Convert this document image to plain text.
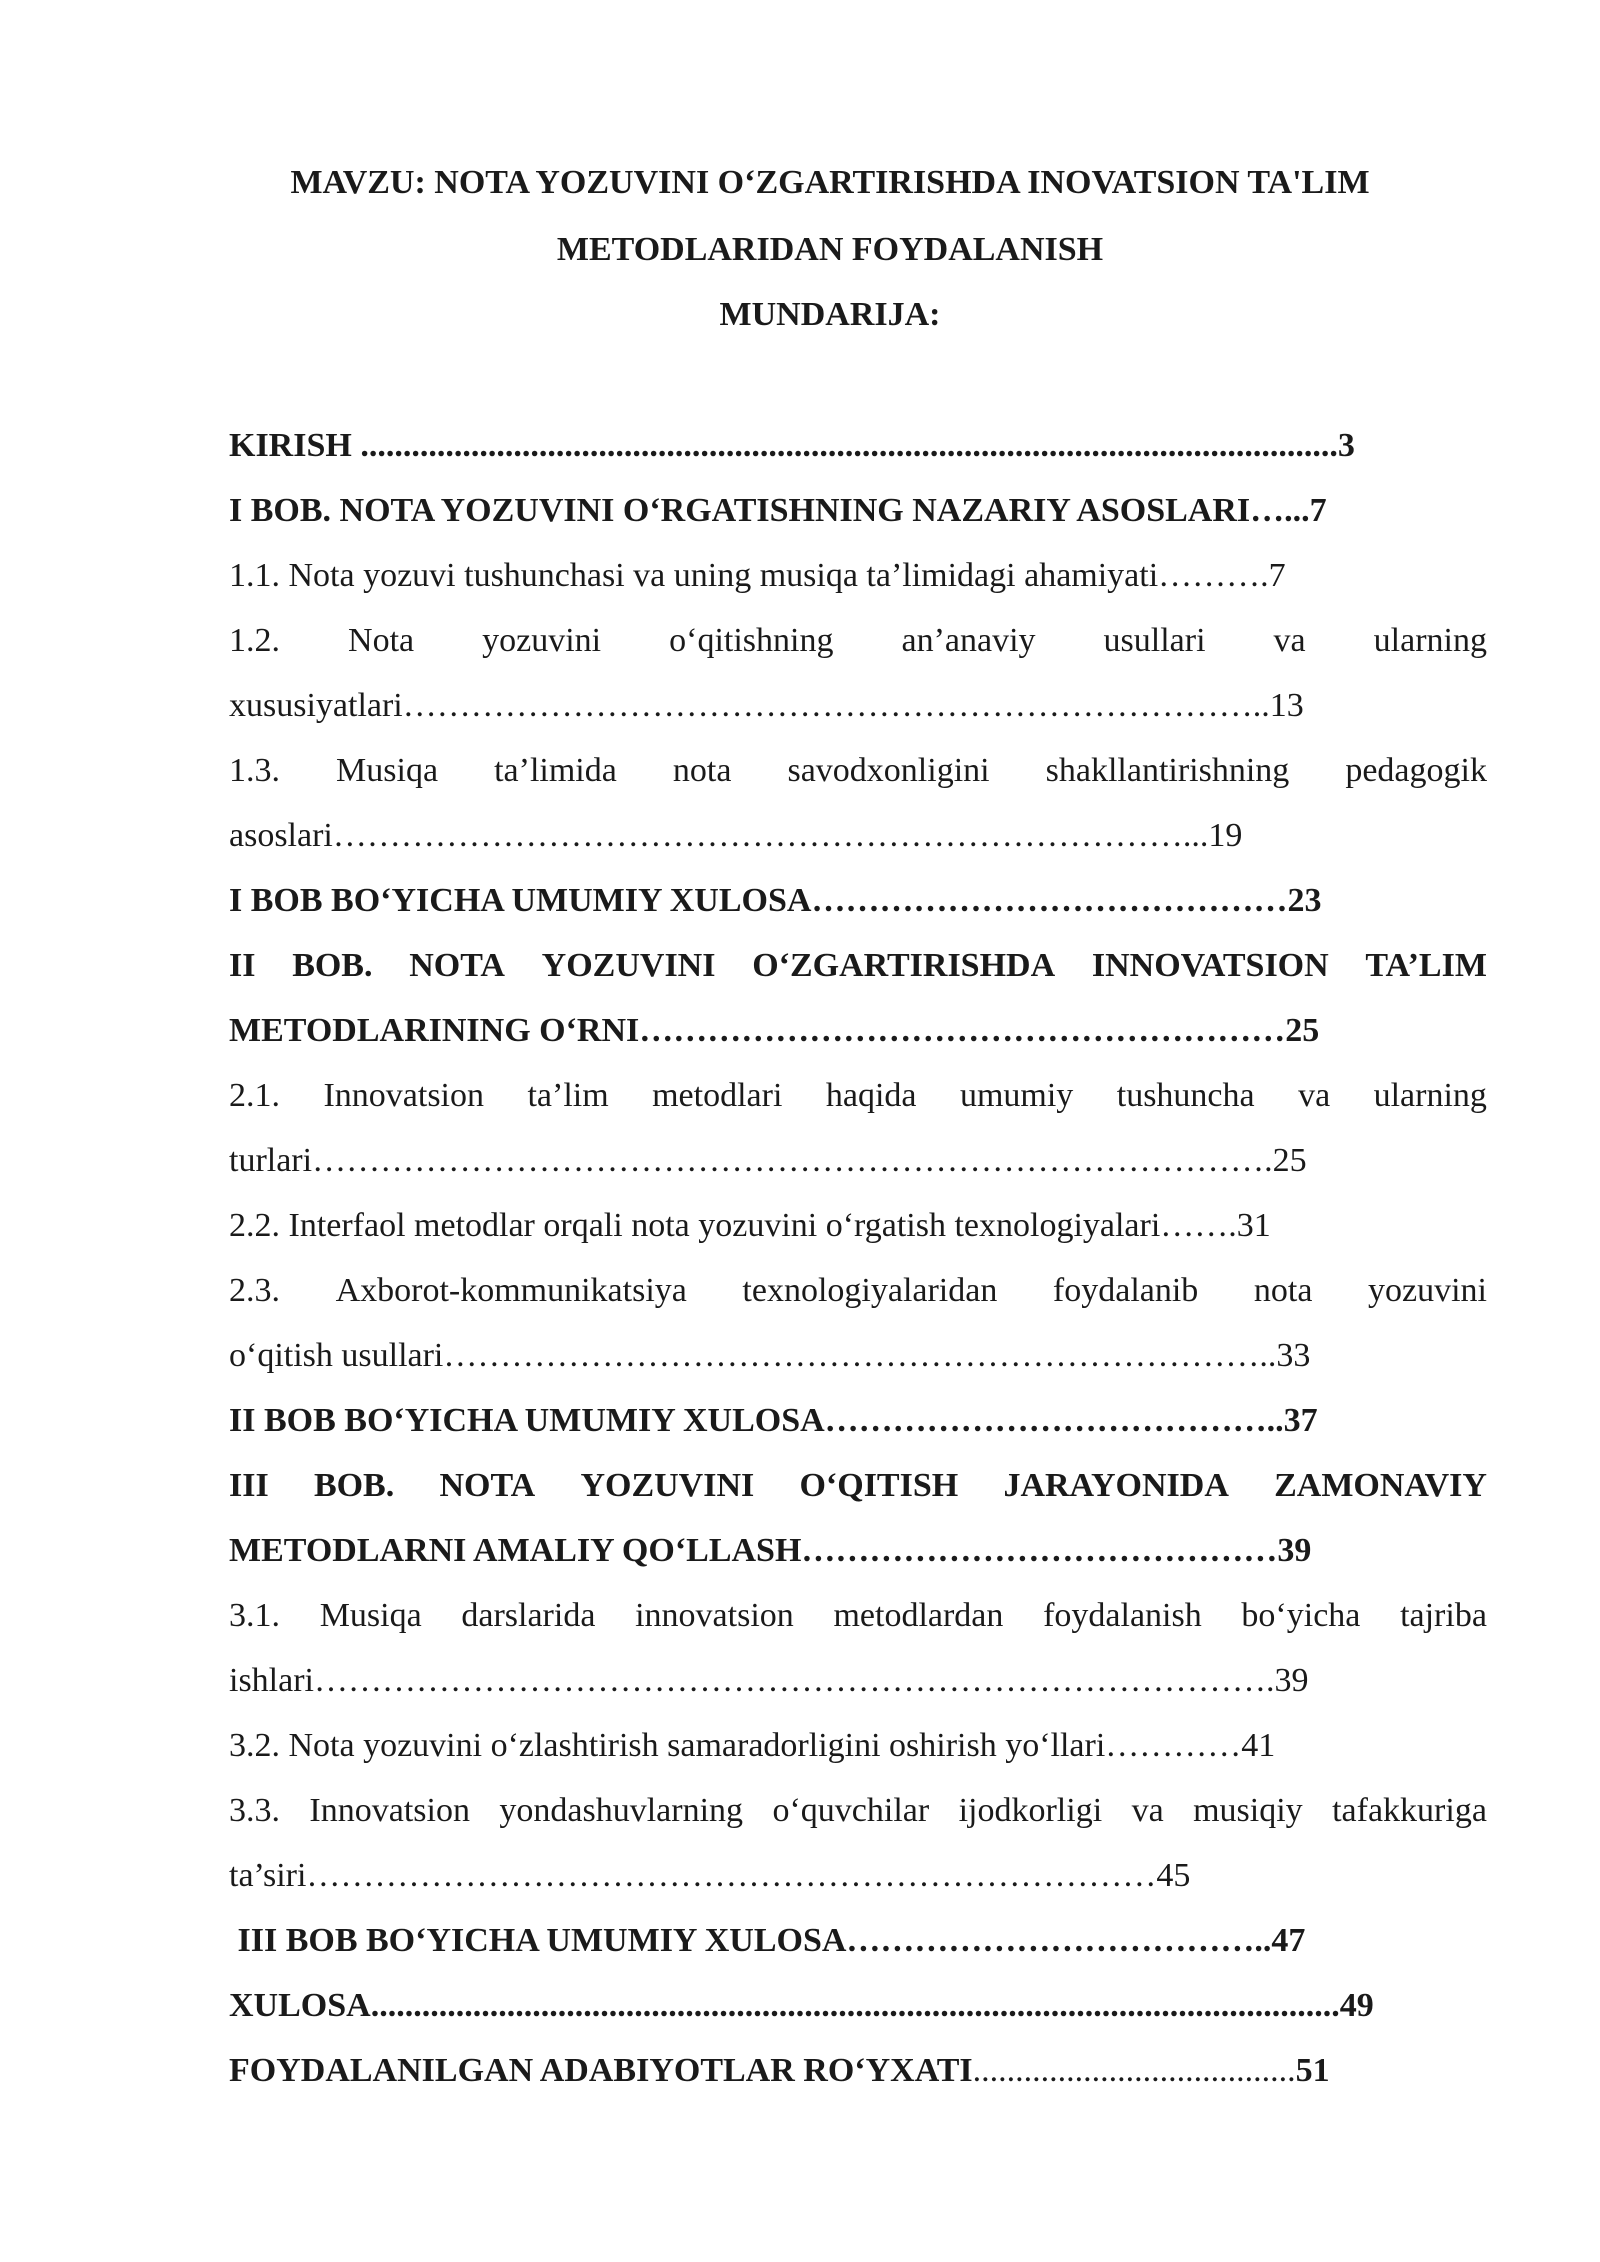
MAVZU: NOTA YOZUVINI O‘ZGARTIRISHDA INOVATSION TA'LIM
METODLARIDAN FOYDALANISH
MUNDARIJA:
KIRISH ...................................................................................................................3
I BOB. NOTA YOZUVINI O‘RGATISHNING NAZARIY ASOSLARI…...7
1.1. Nota yozuvi tushunchasi va uning musiqa ta’limidagi ahamiyati……….7
1.2. Nota yozuvini o‘qitishning an’anaviy usullari va ularning
xususiyatlari…………………………………………………………………..13
1.3. Musiqa ta’limida nota savodxonligini shakllantirishning pedagogik
asoslari…………………………………………………………………...19
I BOB BO‘YICHA UMUMIY XULOSA……………………………………23
II BOB. NOTA YOZUVINI O‘ZGARTIRISHDA INNOVATSION TA’LIM
METODLARINING O‘RNI…………………………………………………25
2.1. Innovatsion ta’lim metodlari haqida umumiy tushuncha va ularning
turlari………………………………………………………………………….25
2.2. Interfaol metodlar orqali nota yozuvini o‘rgatish texnologiyalari…….31
2.3. Axborot-kommunikatsiya texnologiyalaridan foydalanib nota yozuvini
o‘qitish usullari………………………………………………………………..33
II BOB BO‘YICHA UMUMIY XULOSA…………………………………..37
III BOB. NOTA YOZUVINI O‘QITISH JARAYONIDA ZAMONAVIY
METODLARNI AMALIY QO‘LLASH……………………………………39
3.1. Musiqa darslarida innovatsion metodlardan foydalanish bo‘yicha tajriba
ishlari………………………………………………………………………….39
3.2. Nota yozuvini o‘zlashtirish samaradorligini oshirish yo‘llari…………41
3.3. Innovatsion yondashuvlarning o‘quvchilar ijodkorligi va musiqiy tafakkuriga
ta’siri…………………………………………………………………45
III BOB BO‘YICHA UMUMIY XULOSA………………………………..47
XULOSA..................................................................................................................49
FOYDALANILGAN ADABIYOTLAR RO‘YXATI......................................51
